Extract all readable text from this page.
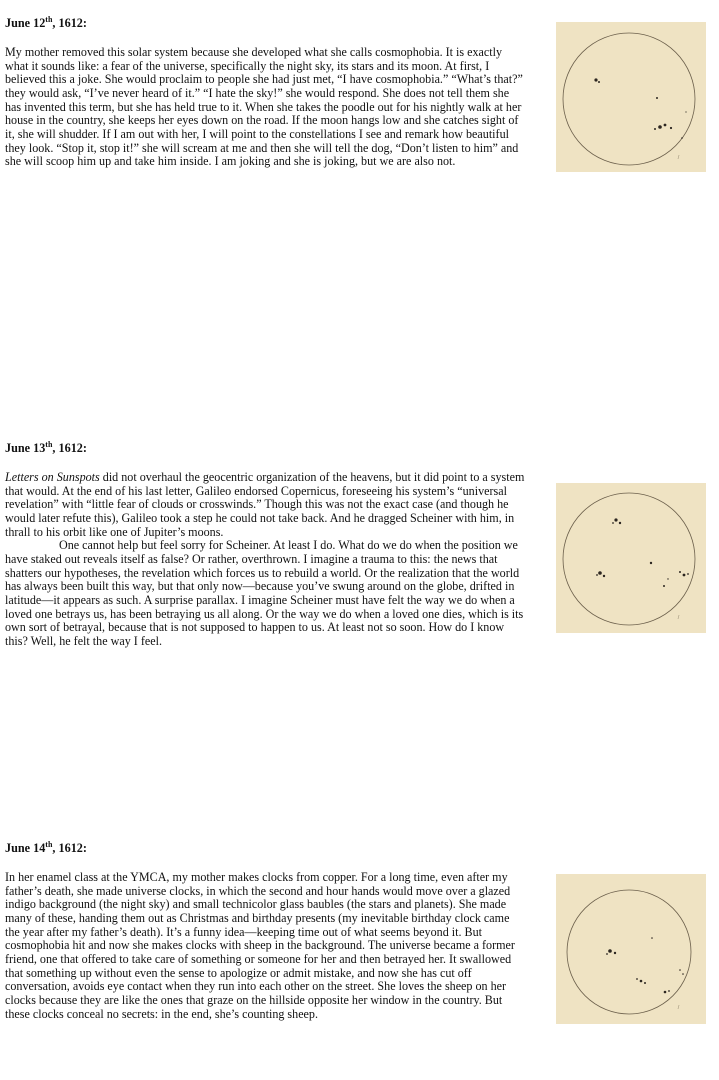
June 12th, 1612:

My mother removed this solar system because she developed what she calls cosmophobia. It is exactly what it sounds like: a fear of the universe, specifically the night sky, its stars and its moon. At first, I believed this a joke. She would proclaim to people she had just met, “I have cosmophobia.” “What’s that?” they would ask, “I’ve never heard of it.” “I hate the sky!” she would respond. She does not tell them she has invented this term, but she has held true to it. When she takes the poodle out for his nightly walk at her house in the country, she keeps her eyes down on the road. If the moon hangs low and she catches sight of it, she will shudder. If I am out with her, I will point to the constellations I see and remark how beautiful they look. “Stop it, stop it!” she will scream at me and then she will tell the dog, “Don’t listen to him” and she will scoop him up and take him inside. I am joking and she is joking, but we are also not.	ʃ
June 13th, 1612:

Letters on Sunspots did not overhaul the geocentric organization of the heavens, but it did point to a system that would. At the end of his last letter, Galileo endorsed Copernicus, foreseeing his system’s “universal revelation” with “little fear of clouds or crosswinds.” Though this was not the exact case (and though he would later refute this), Galileo took a step he could not take back. And he dragged Scheiner with him, in thrall to his orbit like one of Jupiter’s moons.

One cannot help but feel sorry for Scheiner. At least I do. What do we do when the position we have staked out reveals itself as false? Or rather, overthrown. I imagine a trauma to this: the news that shatters our hypotheses, the revelation which forces us to rebuild a world. Or the realization that the world has always been built this way, but that only now—because you’ve swung around on the globe, drifted in latitude—it appears as such. A surprise parallax. I imagine Scheiner must have felt the way we do when a loved one betrays us, has been betraying us all along. Or the way we do when a loved one dies, which is its own sort of betrayal, because that is not supposed to happen to us. At least not so soon. How do I know this? Well, he felt the way I feel.

ʃ
June 14th, 1612:

In her enamel class at the YMCA, my mother makes clocks from copper. For a long time, even after my father’s death, she made universe clocks, in which the second and hour hands would move over a glazed indigo background (the night sky) and small technicolor glass baubles (the stars and planets). She made many of these, handing them out as Christmas and birthday presents (my inevitable birthday clock came the year after my father’s death). It’s a funny idea—keeping time out of what seems beyond it. But cosmophobia hit and now she makes clocks with sheep in the background. The universe became a former friend, one that offered to take care of something or someone for her and then betrayed her. It swallowed that something up without even the sense to apologize or admit mistake, and now she has cut off conversation, avoids eye contact when they run into each other on the street. She loves the sheep on her clocks because they are like the ones that graze on the hillside opposite her window in the country. But these clocks conceal no secrets: in the end, she’s counting sheep.

ʃ
